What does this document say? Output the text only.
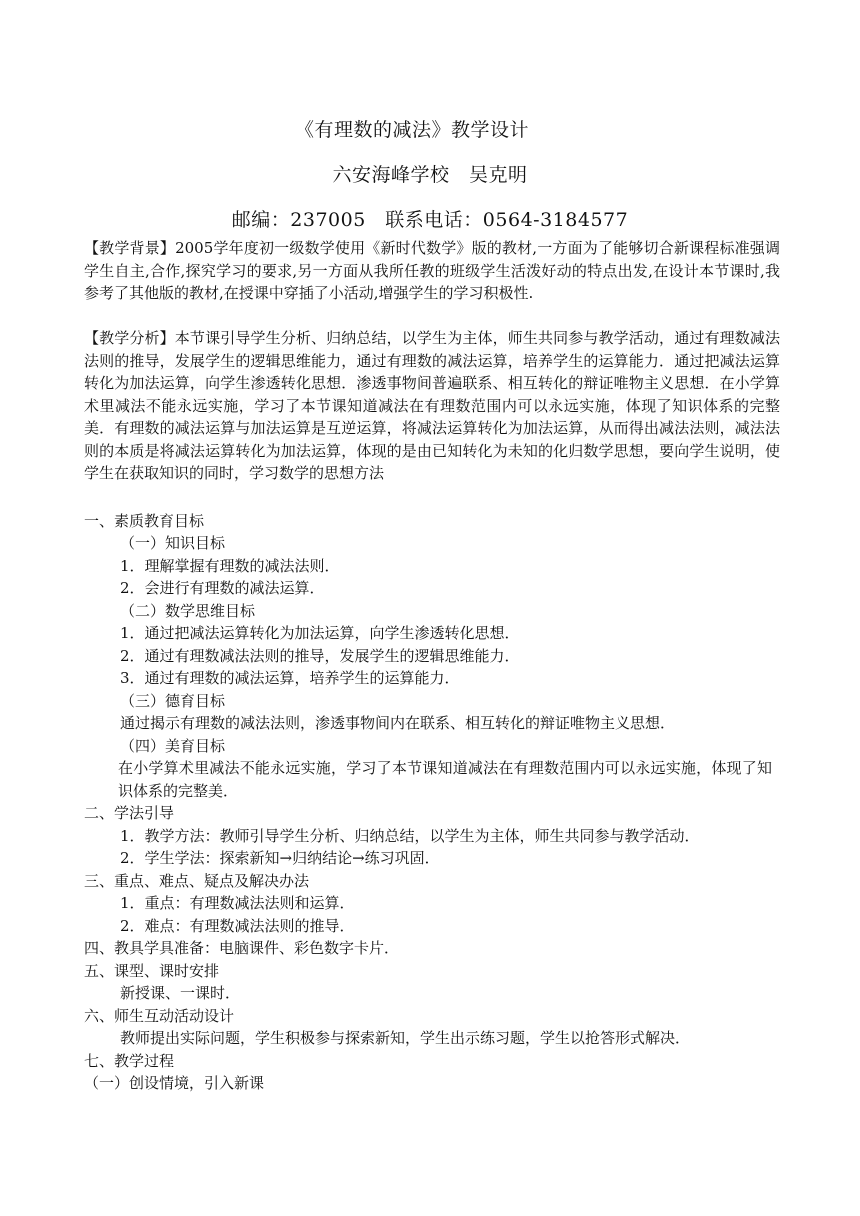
《有理数的减法》教学设计
六安海峰学校　吴克明
邮编：237005　联系电话：0564-3184577

【教学背景】2005学年度初一级数学使用《新时代数学》版的教材,一方面为了能够切合新课程标准强调学生自主,合作,探究学习的要求,另一方面从我所任教的班级学生活泼好动的特点出发,在设计本节课时,我参考了其他版的教材,在授课中穿插了小活动,增强学生的学习积极性.

【教学分析】本节课引导学生分析、归纳总结，以学生为主体，师生共同参与教学活动，通过有理数减法法则的推导，发展学生的逻辑思维能力，通过有理数的减法运算，培养学生的运算能力．通过把减法运算转化为加法运算，向学生渗透转化思想．渗透事物间普遍联系、相互转化的辩证唯物主义思想．在小学算术里减法不能永远实施，学习了本节课知道减法在有理数范围内可以永远实施，体现了知识体系的完整美．有理数的减法运算与加法运算是互逆运算，将减法运算转化为加法运算，从而得出减法法则，减法法则的本质是将减法运算转化为加法运算，体现的是由已知转化为未知的化归数学思想，要向学生说明，使学生在获取知识的同时，学习数学的思想方法

一、素质教育目标
（一）知识目标
1．理解掌握有理数的减法法则．
2．会进行有理数的减法运算．
（二）数学思维目标
1．通过把减法运算转化为加法运算，向学生渗透转化思想．
2．通过有理数减法法则的推导，发展学生的逻辑思维能力．
3．通过有理数的减法运算，培养学生的运算能力．
（三）德育目标
通过揭示有理数的减法法则，渗透事物间内在联系、相互转化的辩证唯物主义思想．
（四）美育目标
在小学算术里减法不能永远实施，学习了本节课知道减法在有理数范围内可以永远实施，体现了知识体系的完整美．
二、学法引导
1．教学方法：教师引导学生分析、归纳总结，以学生为主体，师生共同参与教学活动．
2．学生学法：探索新知→归纳结论→练习巩固．
三、重点、难点、疑点及解决办法
1．重点：有理数减法法则和运算．
2．难点：有理数减法法则的推导．
四、教具学具准备：电脑课件、彩色数字卡片．
五、课型、课时安排
新授课、一课时．
六、师生互动活动设计
教师提出实际问题，学生积极参与探索新知，学生出示练习题，学生以抢答形式解决．
七、教学过程
（一）创设情境，引入新课
